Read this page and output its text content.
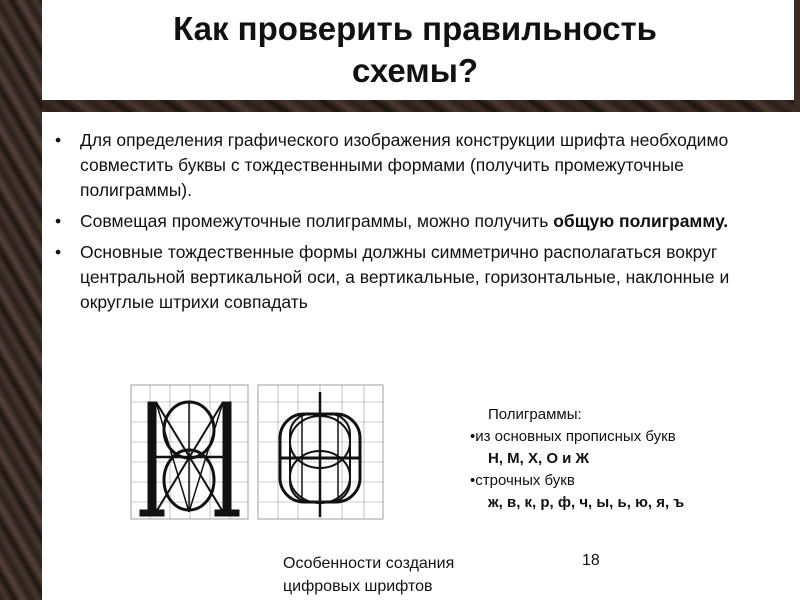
Как проверить правильность
схемы?
• Для определения графического изображения конструкции шрифта необходимо совместить буквы с тождественными формами (получить промежуточные полиграммы).
• Совмещая промежуточные полиграммы, можно получить общую полиграмму.
• Основные тождественные формы должны симметрично располагаться вокруг центральной вертикальной оси, а вертикальные, горизонтальные, наклонные и округлые штрихи совпадать
Полиграммы:
•из основных прописных букв
Н, М, Х, О и Ж
•строчных букв
ж, в, к, р, ф, ч, ы, ь, ю, я, ъ
Особенности создания
цифровых шрифтов
18
